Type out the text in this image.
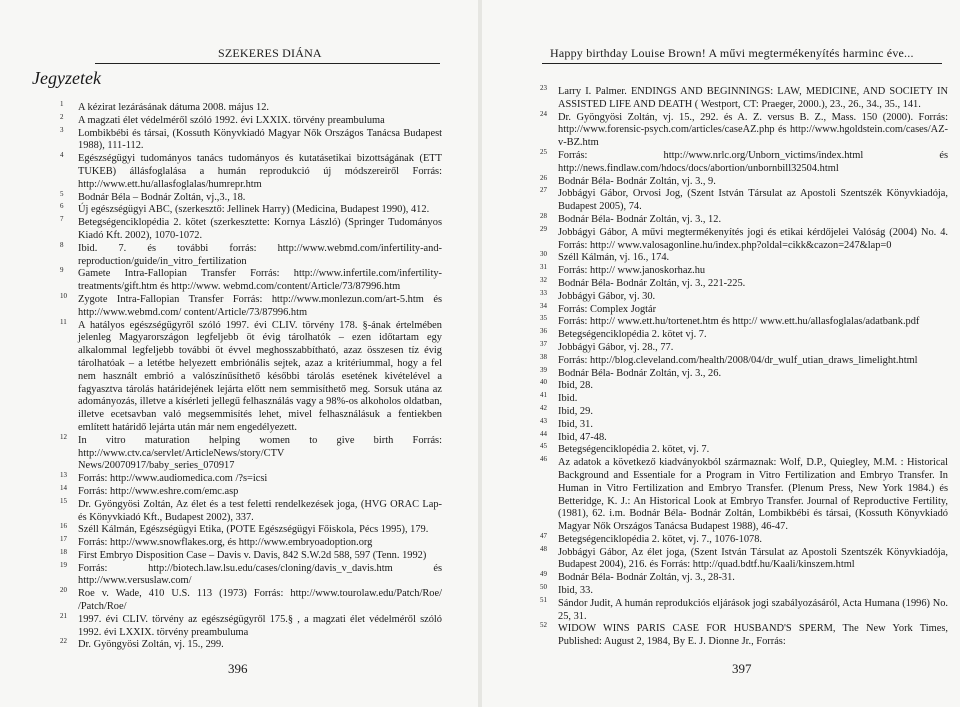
SZEKERES DIÁNA
Jegyzetek

1 A kézirat lezárásának dátuma 2008. május 12.

2 A magzati élet védelméről szóló 1992. évi LXXIX. törvény preambuluma

3 Lombikbébi és társai, (Kossuth Könyvkiadó Magyar Nők Országos Tanácsa Budapest 1988), 111-112.

4 Egészségügyi tudományos tanács tudományos és kutatásetikai bizottságának (ETT TUKEB) állásfoglalása a humán reprodukció új módszereiről Forrás: http://www.ett.hu/allasfoglalas/humrepr.htm

5 Bodnár Béla – Bodnár Zoltán, vj.,3., 18.

6 Új egészségügyi ABC, (szerkesztő: Jellinek Harry) (Medicina, Budapest 1990), 412.

7 Betegségenciklopédia 2. kötet (szerkesztette: Kornya László) (Springer Tudományos Kiadó Kft. 2002), 1070-1072.

8 Ibid. 7. és további forrás: http://www.webmd.com/infertility-and-reproduction/guide/in_vitro_fertilization

9 Gamete Intra-Fallopian Transfer Forrás: http://www.infertile.com/infertility-treatments/gift.htm és http://www. webmd.com/content/Article/73/87996.htm

10 Zygote Intra-Fallopian Transfer Forrás: http://www.monlezun.com/art-5.htm és http://www.webmd.com/ content/Article/73/87996.htm

11 A hatályos egészségügyről szóló 1997. évi CLIV. törvény 178. §-ának értelmében jelenleg Magyarországon legfeljebb öt évig tárolhatók – ezen időtartam egy alkalommal legfeljebb további öt évvel meghosszabbítható, azaz összesen tíz évig tárolhatóak – a letétbe helyezett embriónális sejtek, azaz a kritériummal, hogy a fel nem használt embrió a valószínűsíthető későbbi tárolás esetének kivételével a fagyasztva tárolás határidejének lejárta előtt nem semmisíthető meg. Sorsuk utána az adományozás, illetve a kísérleti jellegű felhasználás vagy a 98%-os alkoholos oldatban, illetve ecetsavban való megsemmisítés lehet, mivel felhasználásuk a fentiekben említett határidő lejárta után már nem engedélyezett.

12 In vitro maturation helping women to give birth Forrás: http://www.ctv.ca/servlet/ArticleNews/story/CTV News/20070917/baby_series_070917

13 Forrás: http://www.audiomedica.com /?s=icsi

14 Forrás: http://www.eshre.com/emc.asp

15 Dr. Gyöngyösi Zoltán, Az élet és a test feletti rendelkezések joga, (HVG ORAC Lap- és Könyvkiadó Kft., Budapest 2002), 337.

16 Széll Kálmán, Egészségügyi Etika, (POTE Egészségügyi Főiskola, Pécs 1995), 179.

17 Forrás: http://www.snowflakes.org, és http://www.embryoadoption.org

18 First Embryo Disposition Case – Davis v. Davis, 842 S.W.2d 588, 597 (Tenn. 1992)

19 Forrás: http://biotech.law.lsu.edu/cases/cloning/davis_v_davis.htm és http://www.versuslaw.com/

20 Roe v. Wade, 410 U.S. 113 (1973) Forrás: http://www.tourolaw.edu/Patch/Roe/ /Patch/Roe/

21 1997. évi CLIV. törvény az egészségügyről 175.§ , a magzati élet védelméről szóló 1992. évi LXXIX. törvény preambuluma

22 Dr. Gyöngyösi Zoltán, vj. 15., 299.

396
Happy birthday Louise Brown! A művi megtermékenyítés harminc éve...

23 Larry I. Palmer. ENDINGS AND BEGINNINGS: LAW, MEDICINE, AND SOCIETY IN ASSISTED LIFE AND DEATH ( Westport, CT: Praeger, 2000.), 23., 26., 34., 35., 141.

24 Dr. Gyöngyösi Zoltán, vj. 15., 292. és A. Z. versus B. Z., Mass. 150 (2000). Forrás: http://www.forensic-psych.com/articles/caseAZ.php és http://www.hgoldstein.com/cases/AZ-v-BZ.htm

25 Forrás: http://www.nrlc.org/Unborn_victims/index.html és http://news.findlaw.com/hdocs/docs/abortion/unbornbill32504.html

26 Bodnár Béla- Bodnár Zoltán, vj. 3., 9.

27 Jobbágyi Gábor, Orvosi Jog, (Szent István Társulat az Apostoli Szentszék Könyvkiadója, Budapest 2005), 74.

28 Bodnár Béla- Bodnár Zoltán, vj. 3., 12.

29 Jobbágyi Gábor, A művi megtermékenyítés jogi és etikai kérdőjelei Valóság (2004) No. 4. Forrás: http:// www.valosagonline.hu/index.php?oldal=cikk&cazon=247&lap=0

30 Széll Kálmán, vj. 16., 174.

31 Forrás: http:// www.janoskorhaz.hu

32 Bodnár Béla- Bodnár Zoltán, vj. 3., 221-225.

33 Jobbágyi Gábor, vj. 30.

34 Forrás: Complex Jogtár

35 Forrás: http:// www.ett.hu/tortenet.htm és http:// www.ett.hu/allasfoglalas/adatbank.pdf

36 Betegségenciklopédia 2. kötet vj. 7.

37 Jobbágyi Gábor, vj. 28., 77.

38 Forrás: http://blog.cleveland.com/health/2008/04/dr_wulf_utian_draws_limelight.html

39 Bodnár Béla- Bodnár Zoltán, vj. 3., 26.

40 Ibid, 28.

41 Ibid.

42 Ibid, 29.

43 Ibid, 31.

44 Ibid, 47-48.

45 Betegségenciklopédia 2. kötet, vj. 7.

46 Az adatok a következő kiadványokból származnak: Wolf, D.P., Quiegley, M.M. : Historical Background and Essentiale for a Program in Vitro Fertilization and Embryo Transfer. In Human in Vitro Fertilization and Embryo Transfer. (Plenum Press, New York 1984.) és Betteridge, K. J.: An Historical Look at Embryo Transfer. Journal of Reproductive Fertility, (1981), 62. i.m. Bodnár Béla- Bodnár Zoltán, Lombikbébi és társai, (Kossuth Könyvkiadó Magyar Nők Országos Tanácsa Budapest 1988), 46-47.

47 Betegségenciklopédia 2. kötet, vj. 7., 1076-1078.

48 Jobbágyi Gábor, Az élet joga, (Szent István Társulat az Apostoli Szentszék Könyvkiadója, Budapest 2004), 216. és Forrás: http://quad.bdtf.hu/Kaali/kinszem.html

49 Bodnár Béla- Bodnár Zoltán, vj. 3., 28-31.

50 Ibid, 33.

51 Sándor Judit, A humán reprodukciós eljárások jogi szabályozásáról, Acta Humana (1996) No. 25, 31.

52 WIDOW WINS PARIS CASE FOR HUSBAND'S SPERM, The New York Times, Published: August 2, 1984, By E. J. Dionne Jr., Forrás:

397
